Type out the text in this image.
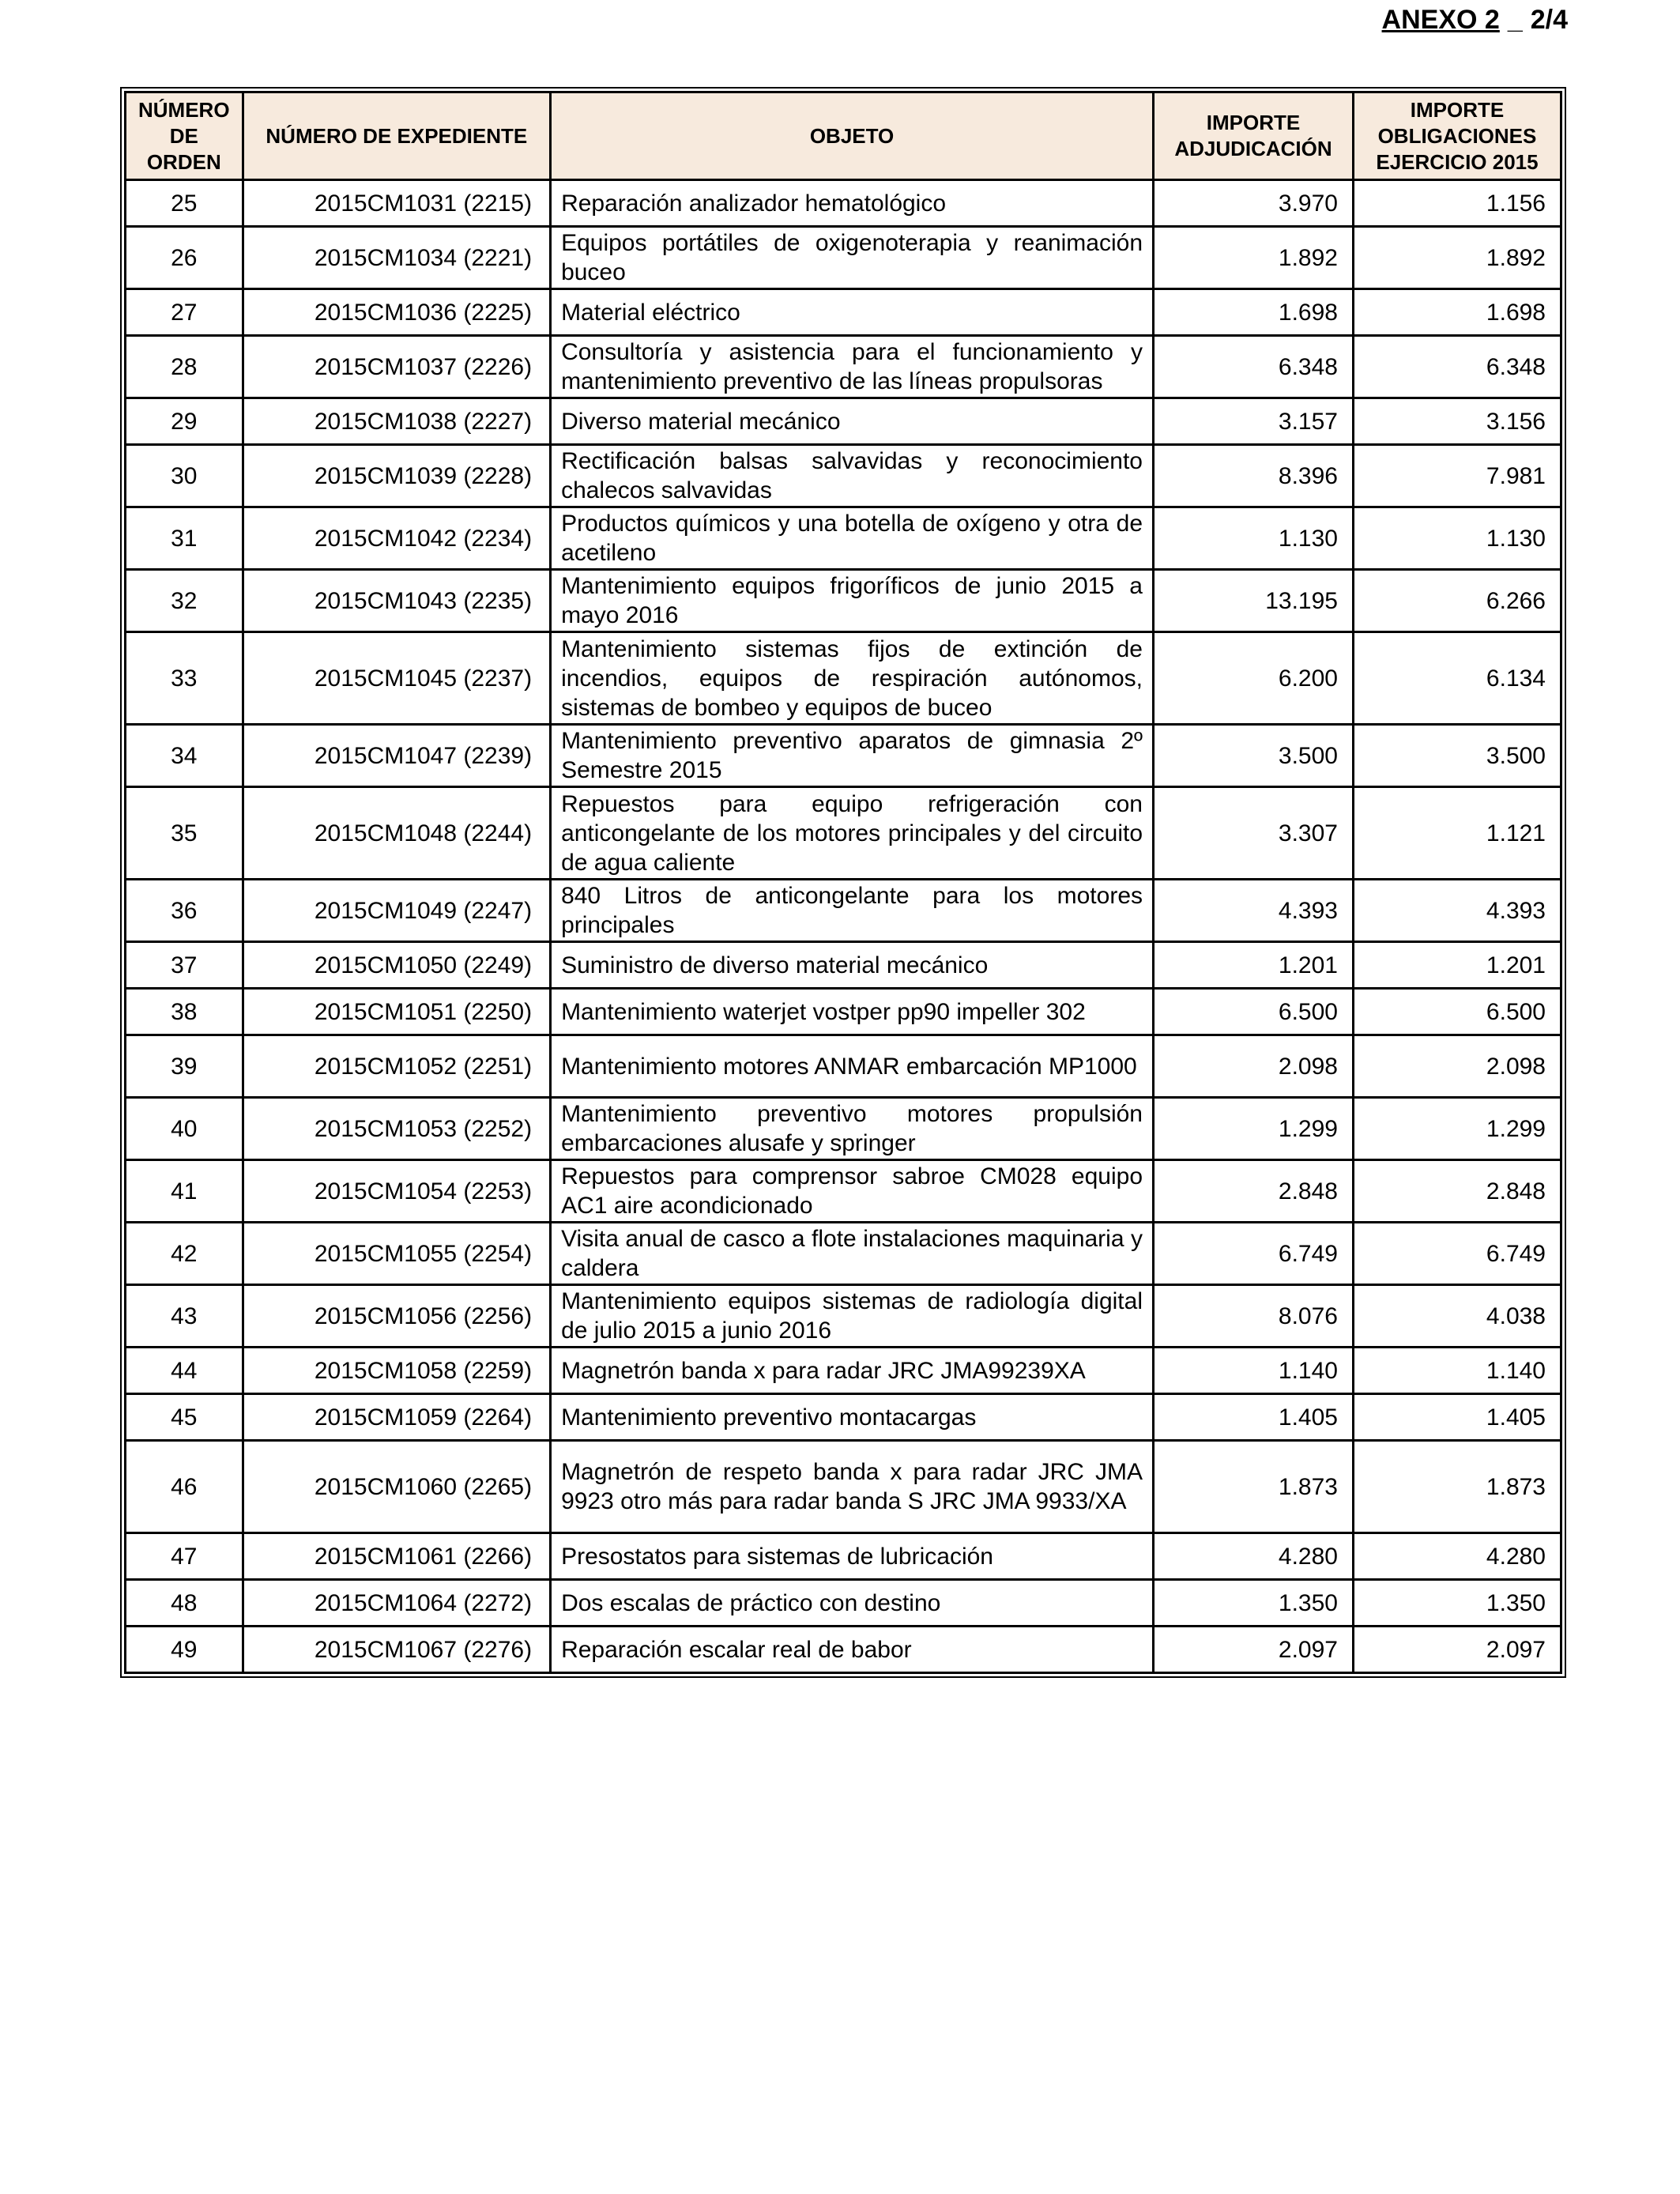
ANEXO 2 _ 2/4
NÚMERO DE ORDEN	NÚMERO DE EXPEDIENTE	OBJETO	IMPORTE ADJUDICACIÓN	IMPORTE OBLIGACIONES EJERCICIO 2015
25	2015CM1031 (2215)	Reparación analizador hematológico	3.970	1.156
26	2015CM1034 (2221)	Equipos portátiles de oxigenoterapia y reanimación buceo	1.892	1.892
27	2015CM1036 (2225)	Material eléctrico	1.698	1.698
28	2015CM1037 (2226)	Consultoría y asistencia para el funcionamiento y mantenimiento preventivo de las líneas propulsoras	6.348	6.348
29	2015CM1038 (2227)	Diverso material mecánico	3.157	3.156
30	2015CM1039 (2228)	Rectificación balsas salvavidas y reconocimiento chalecos salvavidas	8.396	7.981
31	2015CM1042 (2234)	Productos químicos y una botella de oxígeno y otra de acetileno	1.130	1.130
32	2015CM1043 (2235)	Mantenimiento equipos frigoríficos de junio 2015 a mayo 2016	13.195	6.266
33	2015CM1045 (2237)	Mantenimiento sistemas fijos de extinción de incendios, equipos de respiración autónomos, sistemas de bombeo y equipos de buceo	6.200	6.134
34	2015CM1047 (2239)	Mantenimiento preventivo aparatos de gimnasia 2º Semestre 2015	3.500	3.500
35	2015CM1048 (2244)	Repuestos para equipo refrigeración con anticongelante de los motores principales y del circuito de agua caliente	3.307	1.121
36	2015CM1049 (2247)	840 Litros de anticongelante para los motores principales	4.393	4.393
37	2015CM1050 (2249)	Suministro de diverso material mecánico	1.201	1.201
38	2015CM1051 (2250)	Mantenimiento waterjet vostper pp90 impeller 302	6.500	6.500
39	2015CM1052 (2251)	Mantenimiento motores ANMAR embarcación MP1000	2.098	2.098
40	2015CM1053 (2252)	Mantenimiento preventivo motores propulsión embarcaciones alusafe y springer	1.299	1.299
41	2015CM1054 (2253)	Repuestos para comprensor sabroe CM028 equipo AC1 aire acondicionado	2.848	2.848
42	2015CM1055 (2254)	Visita anual de casco a flote instalaciones maquinaria y caldera	6.749	6.749
43	2015CM1056 (2256)	Mantenimiento equipos sistemas de radiología digital de julio 2015 a junio 2016	8.076	4.038
44	2015CM1058 (2259)	Magnetrón banda x para radar JRC JMA99239XA	1.140	1.140
45	2015CM1059 (2264)	Mantenimiento preventivo montacargas	1.405	1.405
46	2015CM1060 (2265)	Magnetrón de respeto banda x para radar JRC JMA 9923 otro más para radar banda S JRC JMA 9933/XA	1.873	1.873
47	2015CM1061 (2266)	Presostatos para sistemas de lubricación	4.280	4.280
48	2015CM1064 (2272)	Dos escalas de práctico con destino	1.350	1.350
49	2015CM1067 (2276)	Reparación escalar real de babor	2.097	2.097
